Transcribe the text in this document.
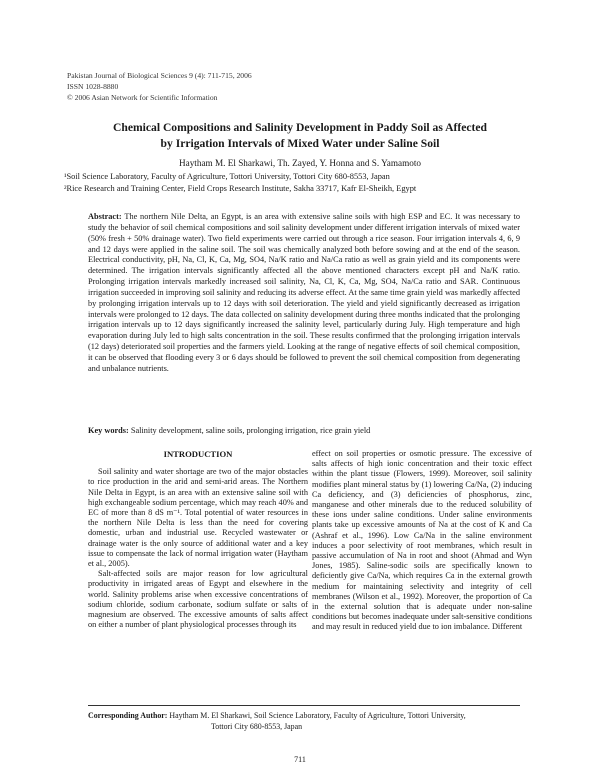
Pakistan Journal of Biological Sciences 9 (4): 711-715, 2006
ISSN 1028-8880
© 2006 Asian Network for Scientific Information
Chemical Compositions and Salinity Development in Paddy Soil as Affected
by Irrigation Intervals of Mixed Water under Saline Soil
Haytham M. El Sharkawi, Th. Zayed, Y. Honna and S. Yamamoto
¹Soil Science Laboratory, Faculty of Agriculture, Tottori University, Tottori City 680-8553, Japan
²Rice Research and Training Center, Field Crops Research Institute, Sakha 33717, Kafr El-Sheikh, Egypt
Abstract: The northern Nile Delta, an Egypt, is an area with extensive saline soils with high ESP and EC. It was necessary to study the behavior of soil chemical compositions and soil salinity development under different irrigation intervals of mixed water (50% fresh + 50% drainage water). Two field experiments were carried out through a rice season. Four irrigation intervals 4, 6, 9 and 12 days were applied in the saline soil. The soil was chemically analyzed both before sowing and at the end of the season. Electrical conductivity, pH, Na, Cl, K, Ca, Mg, SO4, Na/K ratio and Na/Ca ratio as well as grain yield and its components were determined. The irrigation intervals significantly affected all the above mentioned characters except pH and Na/K ratio. Prolonging irrigation intervals markedly increased soil salinity, Na, Cl, K, Ca, Mg, SO4, Na/Ca ratio and SAR. Continuous irrigation succeeded in improving soil salinity and reducing its adverse effect. At the same time grain yield was markedly affected by prolonging irrigation intervals up to 12 days with soil deterioration. The yield and yield significantly decreased as irrigation intervals were prolonged to 12 days. The data collected on salinity development during three months indicated that the prolonging irrigation intervals up to 12 days significantly increased the salinity level, particularly during July. High temperature and high evaporation during July led to high salts concentration in the soil. These results confirmed that the prolonging irrigation intervals (12 days) deteriorated soil properties and the farmers yield. Looking at the range of negative effects of soil chemical composition, it can be observed that flooding every 3 or 6 days should be followed to prevent the soil chemical composition from degenerating and unbalance nutrients.
Key words: Salinity development, saline soils, prolonging irrigation, rice grain yield

INTRODUCTION

Soil salinity and water shortage are two of the major obstacles to rice production in the arid and semi-arid areas. The Northern Nile Delta in Egypt, is an area with an extensive saline soil with high exchangeable sodium percentage, which may reach 40% and EC of more than 8 dS m⁻¹. Total potential of water resources in the northern Nile Delta is less than the need for covering domestic, urban and industrial use. Recycled wastewater or drainage water is the only source of additional water and a key issue to compensate the lack of normal irrigation water (Haytham et al., 2005).

Salt-affected soils are major reason for low agricultural productivity in irrigated areas of Egypt and elsewhere in the world. Salinity problems arise when excessive concentrations of sodium chloride, sodium carbonate, sodium sulfate or salts of magnesium are observed. The excessive amounts of salts affect on either a number of plant physiological processes through its

effect on soil properties or osmotic pressure. The excessive of salts affects of high ionic concentration and their toxic effect within the plant tissue (Flowers, 1999). Moreover, soil salinity modifies plant mineral status by (1) lowering Ca/Na, (2) inducing Ca deficiency, and (3) deficiencies of phosphorus, zinc, manganese and other minerals due to the reduced solubility of these ions under saline conditions. Under saline environments plants take up excessive amounts of Na at the cost of K and Ca (Ashraf et al., 1996). Low Ca/Na in the saline environment induces a poor selectivity of root membranes, which result in passive accumulation of Na in root and shoot (Ahmad and Wyn Jones, 1985). Saline-sodic soils are specifically known to deficiently give Ca/Na, which requires Ca in the external growth medium for maintaining selectivity and integrity of cell membranes (Wilson et al., 1992). Moreover, the proportion of Ca in the external solution that is adequate under non-saline conditions but becomes inadequate under salt-sensitive conditions and may result in reduced yield due to ion imbalance. Different

Corresponding Author: Haytham M. El Sharkawi, Soil Science Laboratory, Faculty of Agriculture, Tottori University,
Tottori City 680-8553, Japan
711
